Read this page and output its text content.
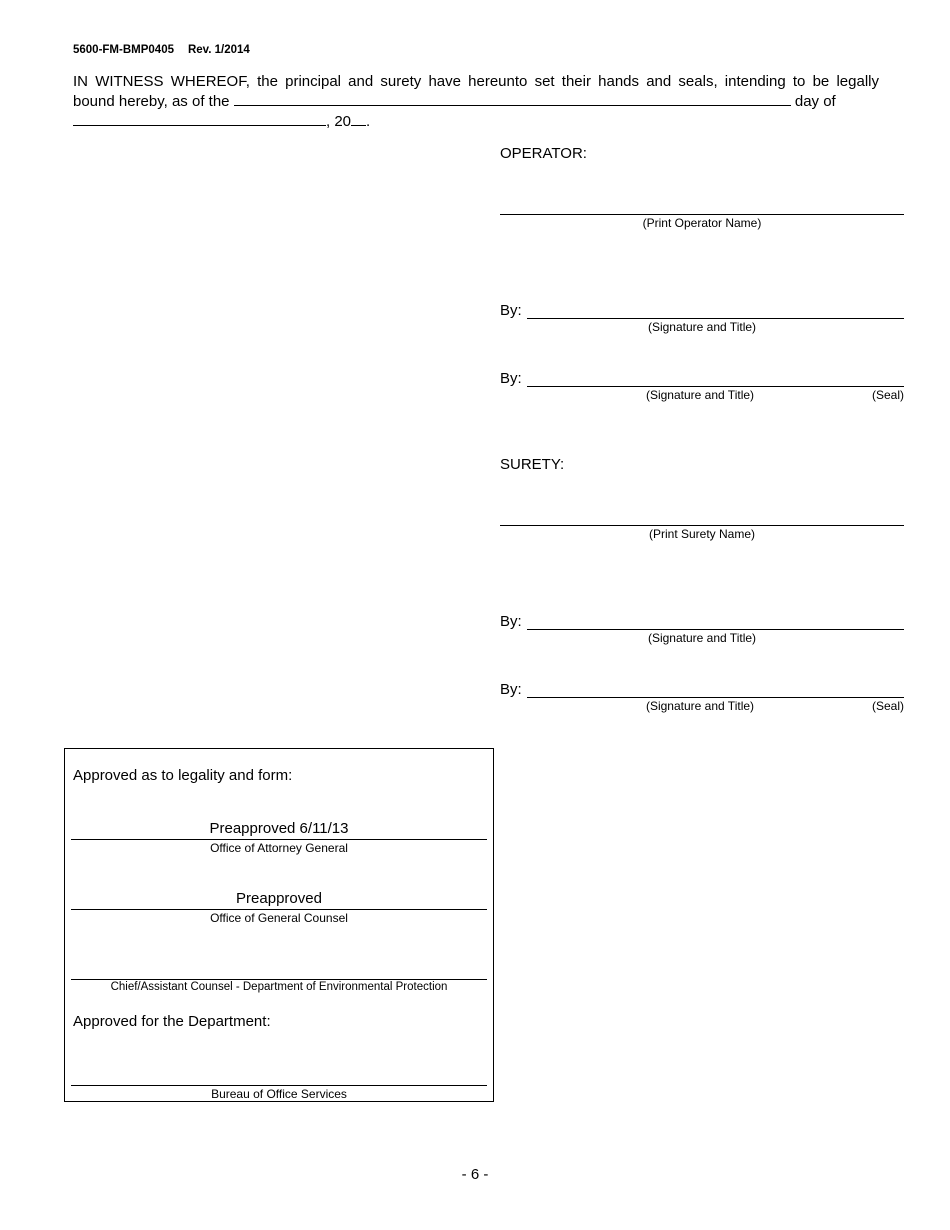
5600-FM-BMP0405 Rev. 1/2014
IN WITNESS WHEREOF, the principal and surety have hereunto set their hands and seals, intending to be legally
bound hereby, as of the	day of
, 20 .
OPERATOR:
(Print Operator Name)
By:
(Signature and Title)
By:
(Signature and Title)	(Seal)
SURETY:
(Print Surety Name)
By:
(Signature and Title)
By:
(Signature and Title)	(Seal)
Approved as to legality and form:
Preapproved 6/11/13
Office of Attorney General
Preapproved
Office of General Counsel
Chief/Assistant Counsel - Department of Environmental Protection
Approved for the Department:
Bureau of Office Services
- 6 -
